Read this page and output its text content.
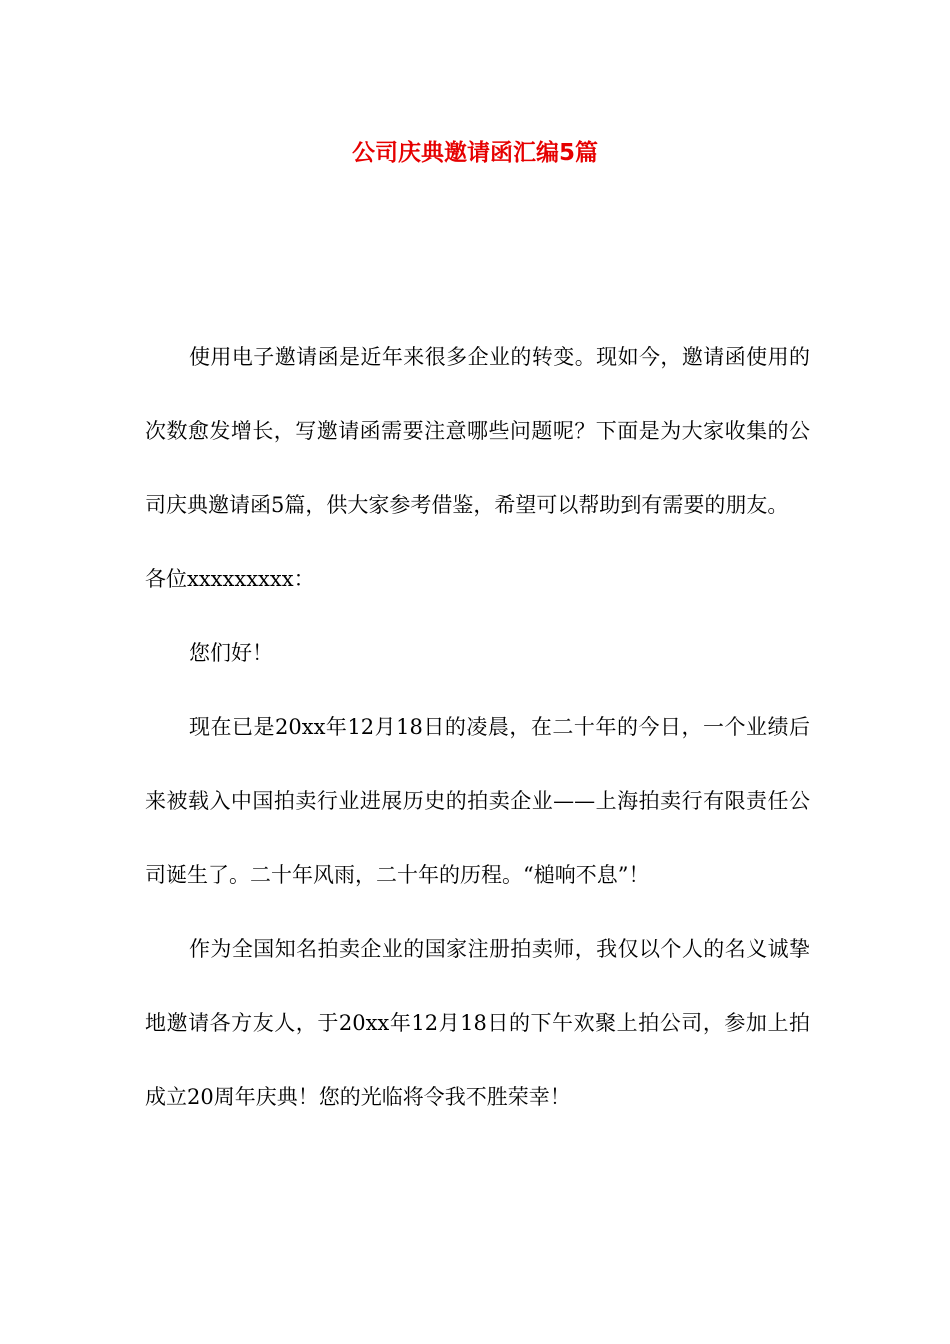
公司庆典邀请函汇编5篇

使用电子邀请函是近年来很多企业的转变。现如今，邀请函使用的次数愈发增长，写邀请函需要注意哪些问题呢？下面是为大家收集的公司庆典邀请函5篇，供大家参考借鉴，希望可以帮助到有需要的朋友。

各位xxxxxxxxx：

您们好！

现在已是20xx年12月18日的凌晨，在二十年的今日，一个业绩后来被载入中国拍卖行业进展历史的拍卖企业——上海拍卖行有限责任公司诞生了。二十年风雨，二十年的历程。“槌响不息”！

作为全国知名拍卖企业的国家注册拍卖师，我仅以个人的名义诚挚地邀请各方友人，于20xx年12月18日的下午欢聚上拍公司，参加上拍成立20周年庆典！您的光临将令我不胜荣幸！
